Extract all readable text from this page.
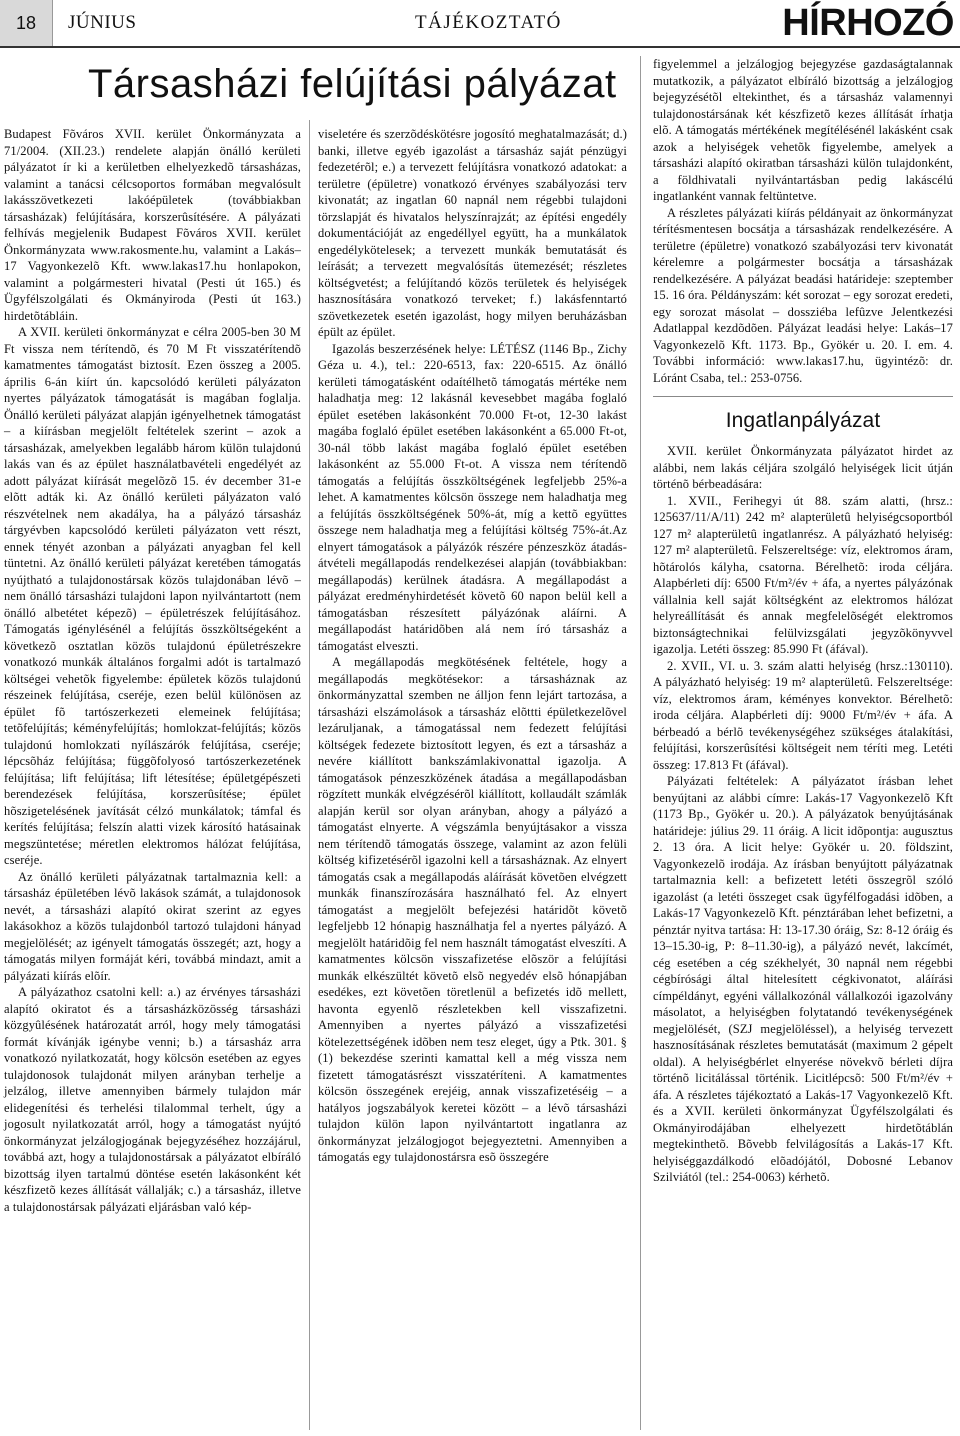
18	JÚNIUS	TÁJÉKOZTATÓ	HÍRHOZÓ
Társasházi felújítási pályázat

Budapest Fõváros XVII. kerület Önkormányzata a 71/2004. (XII.23.) rendelete alapján önálló kerületi pályázatot ír ki a kerületben elhelyezkedõ társasházas, valamint a tanácsi célcsoportos formában megvalósult lakásszövetkezeti lakóépületek (továbbiakban társasházak) felújítására, korszerûsítésére. A pályázati felhívás megjelenik Budapest Fõváros XVII. kerület Önkormányzata www.rakosmente.hu, valamint a Lakás–17 Vagyonkezelõ Kft. www.lakas17.hu honlapokon, valamint a polgármesteri hivatal (Pesti út 165.) és Ügyfélszolgálati és Okmányiroda (Pesti út 163.) hirdetõtábláin.

A XVII. kerületi önkormányzat e célra 2005-ben 30 M Ft vissza nem térítendõ, és 70 M Ft visszatérítendõ kamatmentes támogatást biztosít. Ezen összeg a 2005. április 6-án kiírt ún. kapcsolódó kerületi pályázaton nyertes pályázatok támogatását is magában foglalja. Önálló kerületi pályázat alapján igényelhetnek támogatást – a kiírásban megjelölt feltételek szerint – azok a társasházak, amelyekben legalább három külön tulajdonú lakás van és az épület használatbavételi engedélyét az adott pályázat kiírását megelõzõ 15. év december 31-e elõtt adták ki. Az önálló kerületi pályázaton való részvételnek nem akadálya, ha a pályázó társasház tárgyévben kapcsolódó kerületi pályázaton vett részt, ennek tényét azonban a pályázati anyagban fel kell tüntetni. Az önálló kerületi pályázat keretében támogatás nyújtható a tulajdonostársak közös tulajdonában lévõ – nem önálló társasházi tulajdoni lapon nyilvántartott (nem önálló albetétet képezõ) – épületrészek felújításához. Támogatás igénylésénél a felújítás összköltségeként a következõ osztatlan közös tulajdonú épületrészekre vonatkozó munkák általános forgalmi adót is tartalmazó költségei vehetõk figyelembe: épületek közös tulajdonú részeinek felújítása, cseréje, ezen belül különösen az épület fõ tartószerkezeti elemeinek felújítása; tetõfelújítás; kéményfelújítás; homlokzat-felújítás; közös tulajdonú homlokzati nyílászárók felújítása, cseréje; lépcsõház felújítása; függõfolyosó tartószerkezetének felújítása; lift felújítása; lift létesítése; épületgépészeti berendezések felújítása, korszerûsítése; épület hõszigetelésének javítását célzó munkálatok; támfal és kerítés felújítása; felszín alatti vizek károsító hatásainak megszüntetése; méretlen elektromos hálózat felújítása, cseréje.

Az önálló kerületi pályázatnak tartalmaznia kell: a társasház épületében lévõ lakások számát, a tulajdonosok nevét, a társasházi alapító okirat szerint az egyes lakásokhoz a közös tulajdonból tartozó tulajdoni hányad megjelölését; az igényelt támogatás összegét; azt, hogy a támogatás milyen formáját kéri, továbbá mindazt, amit a pályázati kiírás elõír.

A pályázathoz csatolni kell: a.) az érvényes társasházi alapító okiratot és a társasházközösség társasházi közgyûlésének határozatát arról, hogy mely támogatási formát kívánják igénybe venni; b.) a társasház arra vonatkozó nyilatkozatát, hogy kölcsön esetében az egyes tulajdonosok tulajdonát milyen arányban terhelje a jelzálog, illetve amennyiben bármely tulajdon már elidegenítési és terhelési tilalommal terhelt, úgy a jogosult nyilatkozatát arról, hogy a támogatást nyújtó önkormányzat jelzálogjogának bejegyzéséhez hozzájárul, továbbá azt, hogy a tulajdonostársak a pályázatot elbíráló bizottság ilyen tartalmú döntése esetén lakásonként két készfizetõ kezes állítását vállalják; c.) a társasház, illetve a tulajdonostársak pályázati eljárásban való kép-

viseletére és szerzõdéskötésre jogosító meghatalmazását; d.) banki, illetve egyéb igazolást a társasház saját pénzügyi fedezetérõl; e.) a tervezett felújításra vonatkozó adatokat: a területre (épületre) vonatkozó érvényes szabályozási terv kivonatát; az ingatlan 60 napnál nem régebbi tulajdoni törzslapját és hivatalos helyszínrajzát; az építési engedély dokumentációját az engedéllyel együtt, ha a munkálatok engedélykötelesek; a tervezett munkák bemutatását és leírását; a tervezett megvalósítás ütemezését; részletes költségvetést; a felújítandó közös területek és helyiségek hasznosítására vonatkozó terveket; f.) lakásfenntartó szövetkezetek esetén igazolást, hogy milyen beruházásban épült az épület.

Igazolás beszerzésének helye: LÉTÉSZ (1146 Bp., Zichy Géza u. 4.), tel.: 220-6513, fax: 220-6515. Az önálló kerületi támogatásként odaítélhetõ támogatás mértéke nem haladhatja meg: 12 lakásnál kevesebbet magába foglaló épület esetében lakásonként 70.000 Ft-ot, 12-30 lakást magába foglaló épület esetében lakásonként a 65.000 Ft-ot, 30-nál több lakást magába foglaló épület esetében lakásonként az 55.000 Ft-ot. A vissza nem térítendõ támogatás a felújítás összköltségének legfeljebb 25%-a lehet. A kamatmentes kölcsön összege nem haladhatja meg a felújítás összköltségének 50%-át, míg a kettõ együttes összege nem haladhatja meg a felújítási költség 75%-át.Az elnyert támogatások a pályázók részére pénzeszköz átadás-átvételi megállapodás rendelkezései alapján (továbbiakban: megállapodás) kerülnek átadásra. A megállapodást a pályázat eredményhirdetését követõ 60 napon belül kell a támogatásban részesített pályázónak aláírni. A megállapodást határidõben alá nem író társasház a támogatást elveszti.

A megállapodás megkötésének feltétele, hogy a megállapodás megkötésekor: a társasháznak az önkormányzattal szemben ne álljon fenn lejárt tartozása, a társasházi elszámolások a társasház elõttti épületkezelõvel lezárulјanak, a támogatással nem fedezett felújítási költségek fedezete biztosított legyen, és ezt a társasház a nevére kiállított bankszámlakivonattal igazolja. A támogatások pénzeszközének átadása a megállapodásban rögzített munkák elvégzésérõl kiállított, kollaudált számlák alapján kerül sor olyan arányban, ahogy a pályázó a támogatást elnyerte. A végszámla benyújtásakor a vissza nem térítendõ támogatás összege, valamint az azon felüli költség kifizetésérõl igazolni kell a társasháznak. Az elnyert támogatás csak a megállapodás aláírását követõen elvégzett munkák finanszírozására használható fel. Az elnyert támogatást a megjelölt befejezési határidõt követõ legfeljebb 12 hónapig használhatja fel a nyertes pályázó. A megjelölt határidõig fel nem használt támogatást elveszíti. A kamatmentes kölcsön visszafizetése elõször a felújítási munkák elkészültét követõ elsõ negyedév elsõ hónapjában esedékes, ezt követõen töretlenül a befizetés idõ mellett, havonta egyenlõ részletekben kell visszafizetni. Amennyiben a nyertes pályázó a visszafizetési kötelezettségének idõben nem tesz eleget, úgy a Ptk. 301. § (1) bekezdése szerinti kamattal kell a még vissza nem fizetett támogatásrészt visszatéríteni. A kamatmentes kölcsön összegének erejéig, annak visszafizetéséig – a hatályos jogszabályok keretei között – a lévõ társasházi tulajdon külön lapon nyilvántartott ingatlanra az önkormányzat jelzálogjogot bejegyeztetni. Amennyiben a támogatás egy tulajdonostársra esõ összegére

figyelemmel a jelzálogjog bejegyzése gazdaságtalannak mutatkozik, a pályázatot elbíráló bizottság a jelzálogjog bejegyzésétõl eltekinthet, és a társasház valamennyi tulajdonostársának két készfizetõ kezes állítását írhatja elõ. A támogatás mértékének megítélésénél lakásként csak azok a helyiségek vehetõk figyelembe, amelyek a társasházi alapító okiratban társasházi külön tulajdonként, a földhivatali nyilvántartásban pedig lakáscélú ingatlanként vannak feltüntetve.

A részletes pályázati kiírás példányait az önkormányzat térítésmentesen bocsátja a társasházak rendelkezésére. A területre (épületre) vonatkozó szabályozási terv kivonatát kérelemre a polgármester bocsátja a társasházak rendelkezésére. A pályázat beadási határideje: szeptember 15. 16 óra. Példányszám: két sorozat – egy sorozat eredeti, egy sorozat másolat – dossziéba lefûzve Jelentkezési Adatlappal kezdõdõen. Pályázat leadási helye: Lakás–17 Vagyonkezelõ Kft. 1173. Bp., Gyökér u. 20. I. em. 4. További információ: www.lakas17.hu, ügyintézõ: dr. Lóránt Csaba, tel.: 253-0756.

Ingatlanpályázat

XVII. kerület Önkormányzata pályázatot hirdet az alábbi, nem lakás céljára szolgáló helyiségek licit útján történõ bérbeadására:

1. XVII., Ferihegyi út 88. szám alatti, (hrsz.: 125637/11/A/11) 242 m² alapterületû helyiségcsoportból 127 m² alapterületû ingatlanrész. A pályázható helyiség: 127 m² alapterületû. Felszereltsége: víz, elektromos áram, hõtárolós kályha, csatorna. Bérelhetõ: iroda céljára. Alapbérleti díj: 6500 Ft/m²/év + áfa, a nyertes pályázónak vállalnia kell saját költségként az elektromos hálózat helyreállítását és annak megfelelõségét elektromos biztonságtechnikai felülvizsgálati jegyzõkönyvvel igazolja. Letéti összeg: 85.990 Ft (áfával).

2. XVII., VI. u. 3. szám alatti helyiség (hrsz.:130110). A pályázható helyiség: 19 m² alapterületû. Felszereltsége: víz, elektromos áram, kéményes konvektor. Bérelhetõ: iroda céljára. Alapbérleti díj: 9000 Ft/m²/év + áfa. A bérbeadó a bérlõ tevékenységéhez szükséges átalakítási, felújítási, korszerûsítési költségeit nem téríti meg. Letéti összeg: 17.813 Ft (áfával).

Pályázati feltételek: A pályázatot írásban lehet benyújtani az alábbi címre: Lakás-17 Vagyonkezelõ Kft (1173 Bp., Gyökér u. 20.). A pályázatok benyújtásának határideje: július 29. 11 óráig. A licit idõpontja: augusztus 2. 13 óra. A licit helye: Gyökér u. 20. földszint, Vagyonkezelõ irodája. Az írásban benyújtott pályázatnak tartalmaznia kell: a befizetett letéti összegrõl szóló igazolást (a letéti összeget csak ügyfélfogadási idõben, a Lakás-17 Vagyonkezelõ Kft. pénztárában lehet befizetni, a pénztár nyitva tartása: H: 13-17.30 óráig, Sz: 8-12 óráig és 13–15.30-ig, P: 8–11.30-ig), a pályázó nevét, lakcímét, cég esetében a cég székhelyét, 30 napnál nem régebbi cégbírósági által hitelesített cégkivonatot, aláírási címpéldányt, egyéni vállalkozónál vállalkozói igazolvány másolatot, a helyiségben folytatandó tevékenységének megjelölését, (SZJ megjelöléssel), a helyiség tervezett hasznosításának részletes bemutatását (maximum 2 gépelt oldal). A helyiségbérlet elnyerése növekvõ bérleti díjra történõ licitálással történik. Licitlépcsõ: 500 Ft/m²/év + áfa. A részletes tájékoztató a Lakás-17 Vagyonkezelõ Kft. és a XVII. kerületi önkormányzat Ügyfélszolgálati és Okmányirodájában elhelyezett hirdetõtáblán megtekinthetõ. Bõvebb felvilágosítás a Lakás-17 Kft. helyiséggazdálkodó elõadójától, Dobosné Lebanov Szilviától (tel.: 254-0063) kérhetõ.
